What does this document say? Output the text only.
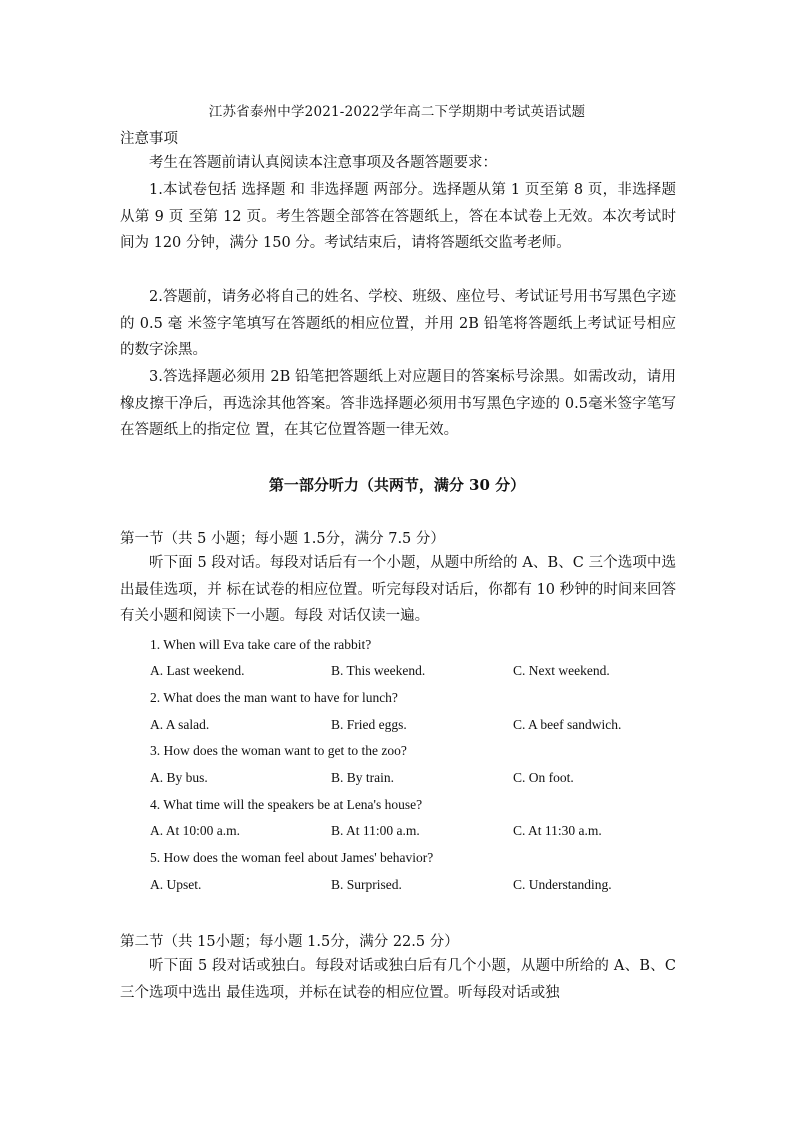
江苏省泰州中学2021-2022学年高二下学期期中考试英语试题
注意事项
考生在答题前请认真阅读本注意事项及各题答题要求：
1.本试卷包括 选择题 和 非选择题 两部分。选择题从第 1 页至第 8 页，非选择题从第 9 页 至第 12 页。考生答题全部答在答题纸上，答在本试卷上无效。本次考试时间为 120 分钟，满分 150 分。考试结束后，请将答题纸交监考老师。
2.答题前，请务必将自己的姓名、学校、班级、座位号、考试证号用书写黑色字迹的 0.5 毫 米签字笔填写在答题纸的相应位置，并用 2B 铅笔将答题纸上考试证号相应的数字涂黑。
3.答选择题必须用 2B 铅笔把答题纸上对应题目的答案标号涂黑。如需改动，请用橡皮擦干净后，再选涂其他答案。答非选择题必须用书写黑色字迹的 0.5毫米签字笔写在答题纸上的指定位 置，在其它位置答题一律无效。
第一部分听力（共两节，满分 30 分）
第一节（共 5 小题；每小题 1.5分，满分 7.5 分）
听下面 5 段对话。每段对话后有一个小题，从题中所给的 A、B、C 三个选项中选出最佳选项，并 标在试卷的相应位置。听完每段对话后，你都有 10 秒钟的时间来回答有关小题和阅读下一小题。每段 对话仅读一遍。
1. When will Eva take care of the rabbit?
A. Last weekend.	B. This weekend.	C. Next weekend.
2. What does the man want to have for lunch?
A. A salad.	B. Fried eggs.	C. A beef sandwich.
3. How does the woman want to get to the zoo?
A. By bus.	B. By train.	C. On foot.
4. What time will the speakers be at Lena's house?
A. At 10:00 a.m.	B. At 11:00 a.m.	C. At 11:30 a.m.
5. How does the woman feel about James' behavior?
A. Upset.	B. Surprised.	C. Understanding.
第二节（共 15小题；每小题 1.5分，满分 22.5 分）
听下面 5 段对话或独白。每段对话或独白后有几个小题，从题中所给的 A、B、C 三个选项中选出 最佳选项，并标在试卷的相应位置。听每段对话或独
